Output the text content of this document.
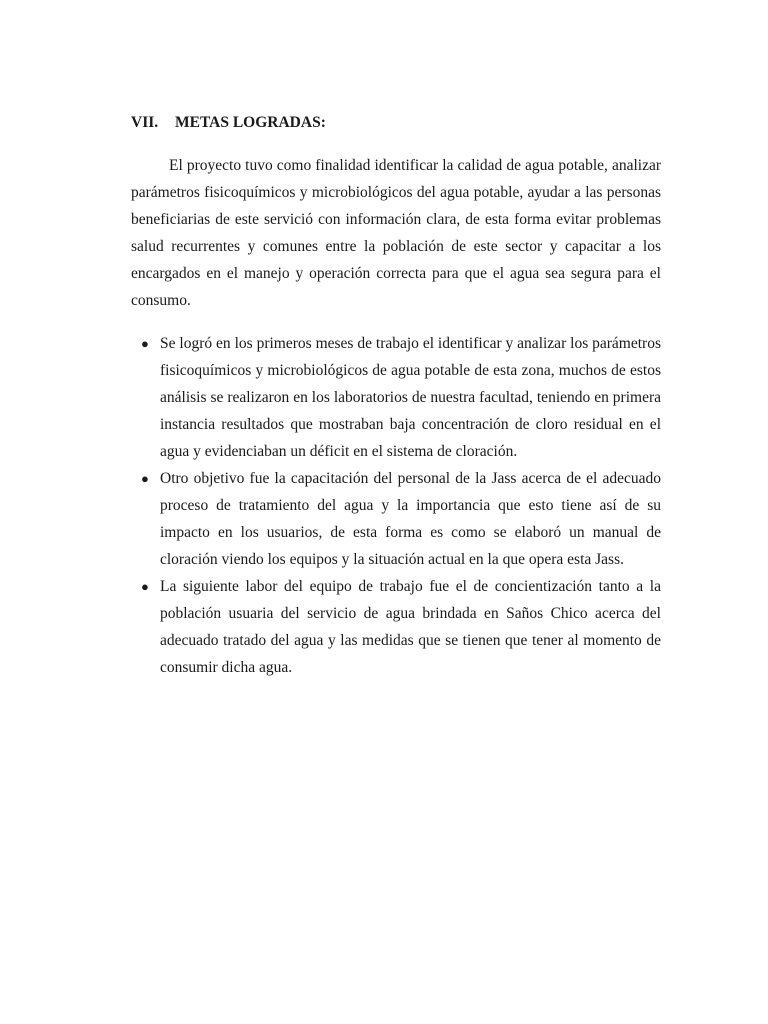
VII. METAS LOGRADAS:

El proyecto tuvo como finalidad identificar la calidad de agua potable, analizar parámetros fisicoquímicos y microbiológicos del agua potable, ayudar a las personas beneficiarias de este servició con información clara, de esta forma evitar problemas salud recurrentes y comunes entre la población de este sector y capacitar a los encargados en el manejo y operación correcta para que el agua sea segura para el consumo.

● Se logró en los primeros meses de trabajo el identificar y analizar los parámetros fisicoquímicos y microbiológicos de agua potable de esta zona, muchos de estos análisis se realizaron en los laboratorios de nuestra facultad, teniendo en primera instancia resultados que mostraban baja concentración de cloro residual en el agua y evidenciaban un déficit en el sistema de cloración.
● Otro objetivo fue la capacitación del personal de la Jass acerca de el adecuado proceso de tratamiento del agua y la importancia que esto tiene así de su impacto en los usuarios, de esta forma es como se elaboró un manual de cloración viendo los equipos y la situación actual en la que opera esta Jass.
● La siguiente labor del equipo de trabajo fue el de concientización tanto a la población usuaria del servicio de agua brindada en Saños Chico acerca del adecuado tratado del agua y las medidas que se tienen que tener al momento de consumir dicha agua.
